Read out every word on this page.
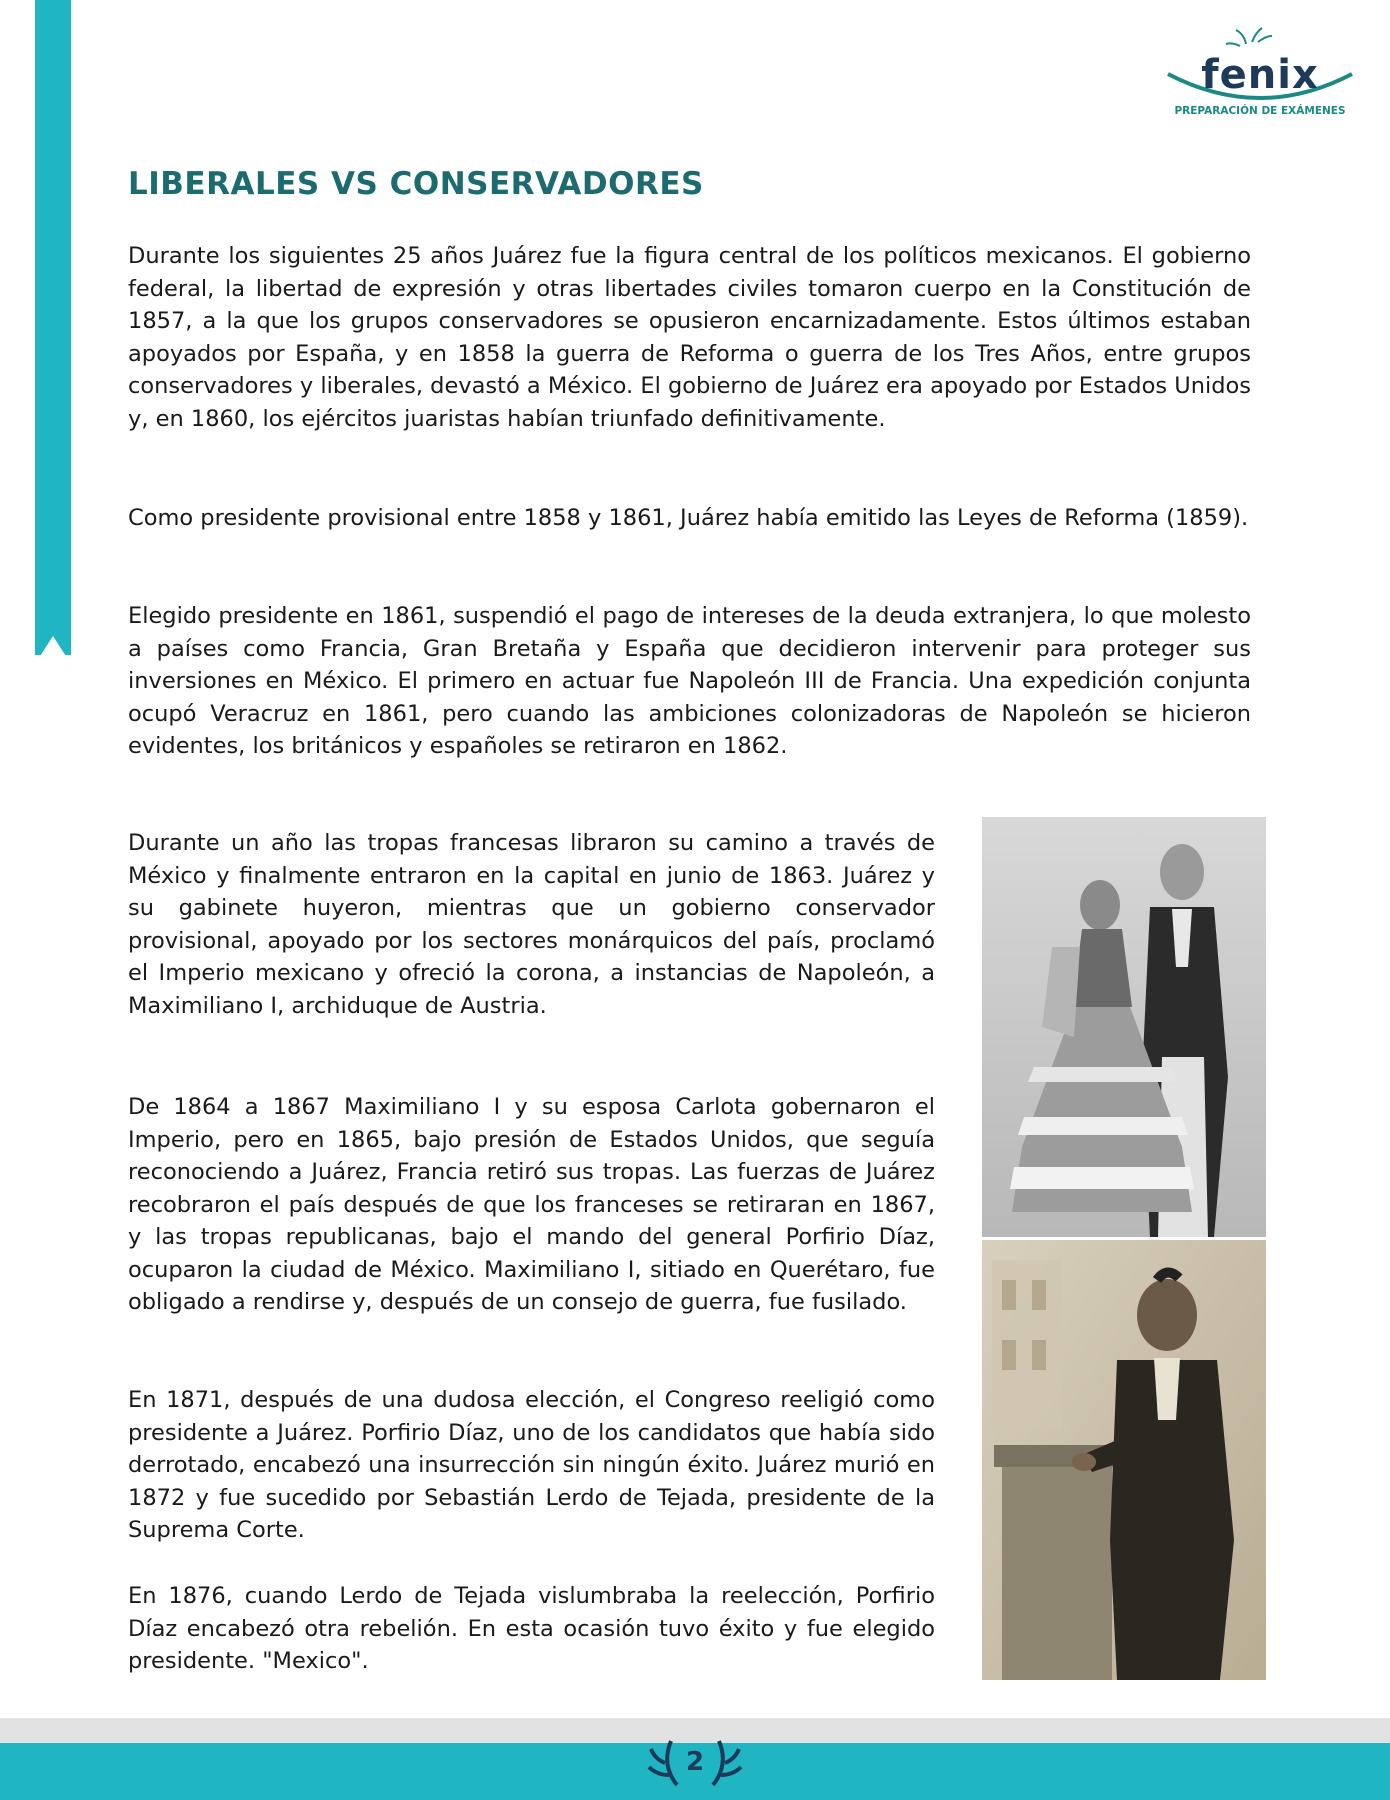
HISTORIA DE MÉXICO – AULA UNIVERSIDAD	fenix
PREPARACIÓN DE EXÁMENES
LIBERALES VS CONSERVADORES

Durante los siguientes 25 años Juárez fue la figura central de los políticos mexicanos. El gobierno federal, la libertad de expresión y otras libertades civiles tomaron cuerpo en la Constitución de 1857, a la que los grupos conservadores se opusieron encarnizadamente. Estos últimos estaban apoyados por España, y en 1858 la guerra de Reforma o guerra de los Tres Años, entre grupos conservadores y liberales, devastó a México. El gobierno de Juárez era apoyado por Estados Unidos y, en 1860, los ejércitos juaristas habían triunfado definitivamente.

Como presidente provisional entre 1858 y 1861, Juárez había emitido las Leyes de Reforma (1859).

Elegido presidente en 1861, suspendió el pago de intereses de la deuda extranjera, lo que molesto a países como Francia, Gran Bretaña y España que decidieron intervenir para proteger sus inversiones en México. El primero en actuar fue Napoleón III de Francia. Una expedición conjunta ocupó Veracruz en 1861, pero cuando las ambiciones colonizadoras de Napoleón se hicieron evidentes, los británicos y españoles se retiraron en 1862.

Durante un año las tropas francesas libraron su camino a través de México y finalmente entraron en la capital en junio de 1863. Juárez y su gabinete huyeron, mientras que un gobierno conservador provisional, apoyado por los sectores monárquicos del país, proclamó el Imperio mexicano y ofreció la corona, a instancias de Napoleón, a Maximiliano I, archiduque de Austria.

De 1864 a 1867 Maximiliano I y su esposa Carlota gobernaron el Imperio, pero en 1865, bajo presión de Estados Unidos, que seguía reconociendo a Juárez, Francia retiró sus tropas. Las fuerzas de Juárez recobraron el país después de que los franceses se retiraran en 1867, y las tropas republicanas, bajo el mando del general Porfirio Díaz, ocuparon la ciudad de México. Maximiliano I, sitiado en Querétaro, fue obligado a rendirse y, después de un consejo de guerra, fue fusilado.

En 1871, después de una dudosa elección, el Congreso reeligió como presidente a Juárez. Porfirio Díaz, uno de los candidatos que había sido derrotado, encabezó una insurrección sin ningún éxito. Juárez murió en 1872 y fue sucedido por Sebastián Lerdo de Tejada, presidente de la Suprema Corte.

En 1876, cuando Lerdo de Tejada vislumbraba la reelección, Porfirio Díaz encabezó otra rebelión. En esta ocasión tuvo éxito y fue elegido presidente. "Mexico".

2
